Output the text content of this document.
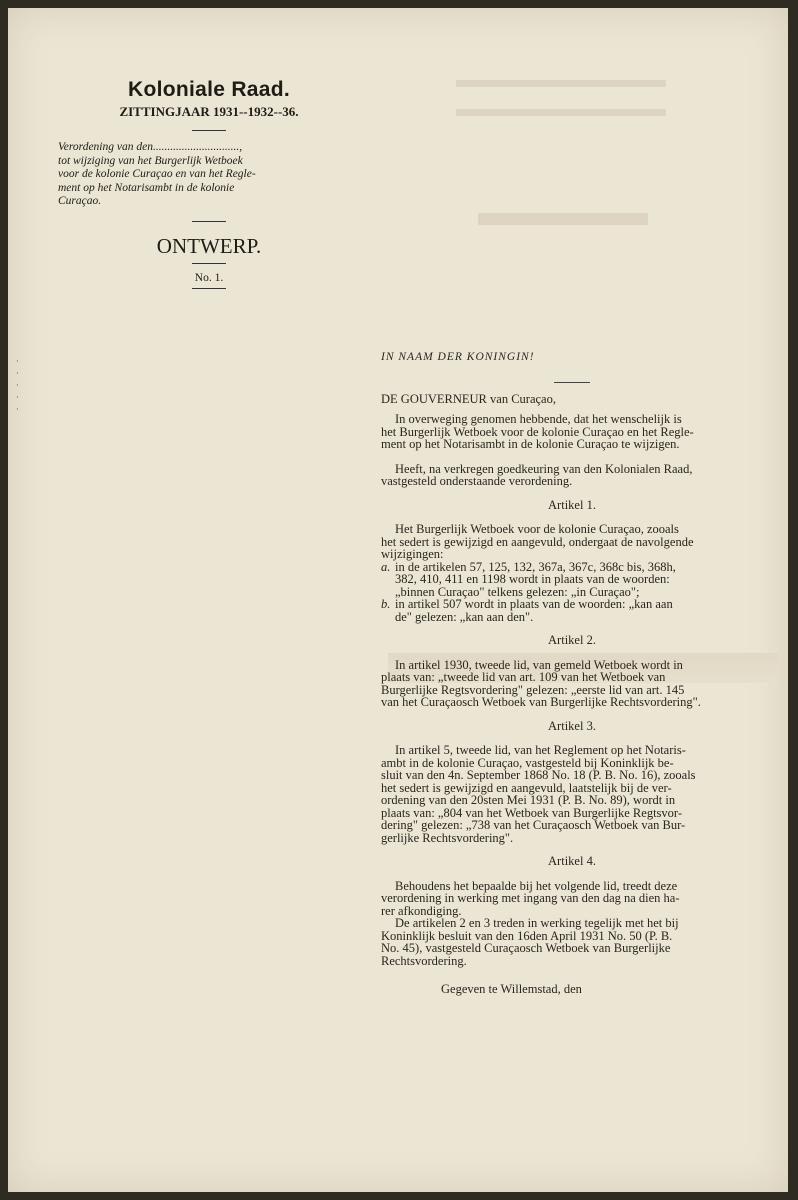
·
·
·
·
·

Koloniale Raad.

ZITTINGJAAR 1931--1932--36.

Verordening van den..............................,
tot wijziging van het Burgerlijk Wetboek
voor de kolonie Curaçao en van het Regle-
ment op het Notarisambt in de kolonie
Curaçao.

ONTWERP.

No. 1.

IN NAAM DER KONINGIN!

DE GOUVERNEUR van Curaçao,

In overweging genomen hebbende, dat het wenschelijk is
het Burgerlijk Wetboek voor de kolonie Curaçao en het Regle-
ment op het Notarisambt in de kolonie Curaçao te wijzigen.

Heeft, na verkregen goedkeuring van den Kolonialen Raad,
vastgesteld onderstaande verordening.

Artikel 1.

Het Burgerlijk Wetboek voor de kolonie Curaçao, zooals
het sedert is gewijzigd en aangevuld, ondergaat de navolgende
wijzigingen:

a. in de artikelen 57, 125, 132, 367a, 367c, 368c bis, 368h,
382, 410, 411 en 1198 wordt in plaats van de woorden:
„binnen Curaçao" telkens gelezen: „in Curaçao";
b. in artikel 507 wordt in plaats van de woorden: „kan aan
de" gelezen: „kan aan den".

Artikel 2.

In artikel 1930, tweede lid, van gemeld Wetboek wordt in
plaats van: „tweede lid van art. 109 van het Wetboek van
Burgerlijke Regtsvordering" gelezen: „eerste lid van art. 145
van het Curaçaosch Wetboek van Burgerlijke Rechtsvordering".

Artikel 3.

In artikel 5, tweede lid, van het Reglement op het Notaris-
ambt in de kolonie Curaçao, vastgesteld bij Koninklijk be-
sluit van den 4n. September 1868 No. 18 (P. B. No. 16), zooals
het sedert is gewijzigd en aangevuld, laatstelijk bij de ver-
ordening van den 20sten Mei 1931 (P. B. No. 89), wordt in
plaats van: „804 van het Wetboek van Burgerlijke Regtsvor-
dering" gelezen: „738 van het Curaçaosch Wetboek van Bur-
gerlijke Rechtsvordering".

Artikel 4.

Behoudens het bepaalde bij het volgende lid, treedt deze
verordening in werking met ingang van den dag na dien ha-
rer afkondiging.

De artikelen 2 en 3 treden in werking tegelijk met het bij
Koninklijk besluit van den 16den April 1931 No. 50 (P. B.
No. 45), vastgesteld Curaçaosch Wetboek van Burgerlijke
Rechtsvordering.

Gegeven te Willemstad, den
